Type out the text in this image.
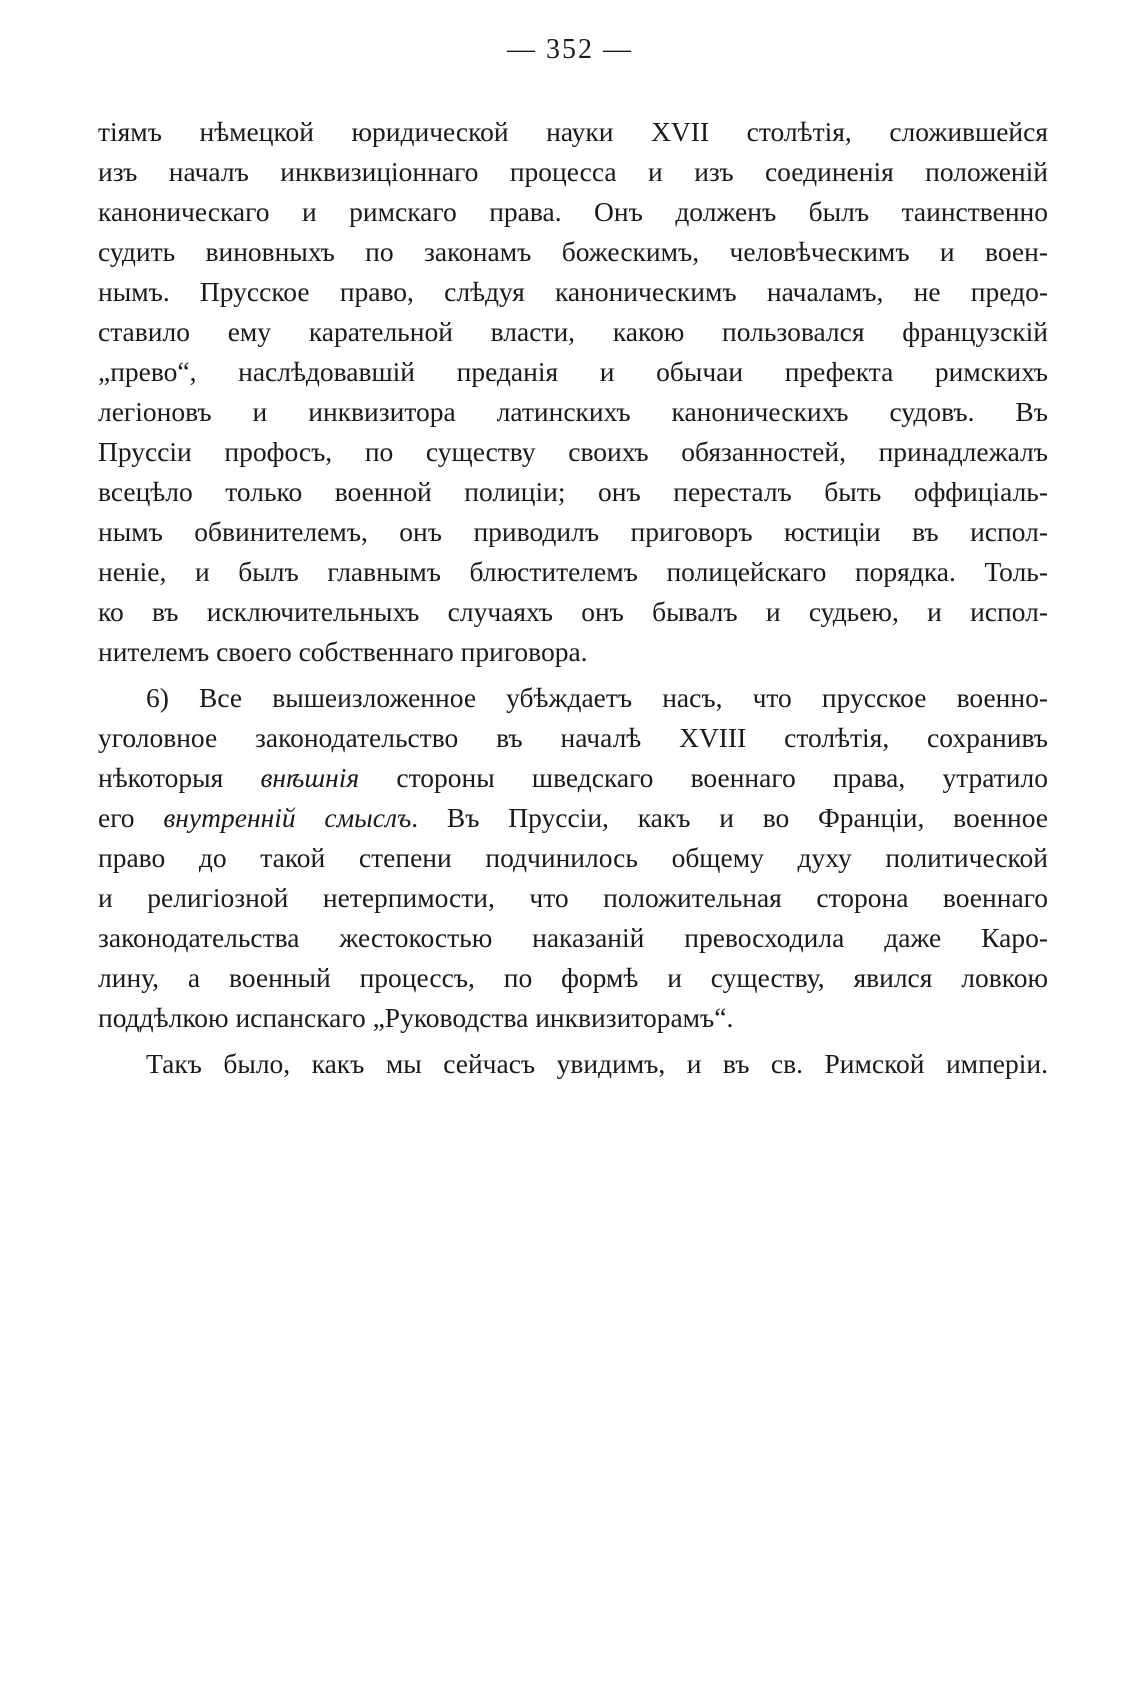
— 352 —
тіямъ нѣмецкой юридической науки XVII столѣтія, сложившейся
изъ началъ инквизиціоннаго процесса и изъ соединенія положеній
каноническаго и римскаго права. Онъ долженъ былъ таинственно
судить виновныхъ по законамъ божескимъ, человѣческимъ и воен-
нымъ. Прусское право, слѣдуя каноническимъ началамъ, не предо-
ставило ему карательной власти, какою пользовался французскій
„прево“, наслѣдовавшій преданія и обычаи префекта римскихъ
легіоновъ и инквизитора латинскихъ каноническихъ судовъ. Въ
Пруссіи профосъ, по существу своихъ обязанностей, принадлежалъ
всецѣло только военной полиціи; онъ пересталъ быть оффиціаль-
нымъ обвинителемъ, онъ приводилъ приговоръ юстиціи въ испол-
неніе, и былъ главнымъ блюстителемъ полицейскаго порядка. Толь-
ко въ исключительныхъ случаяхъ онъ бывалъ и судьею, и испол-
нителемъ своего собственнаго приговора.
6) Все вышеизложенное убѣждаетъ насъ, что прусское военно-
уголовное законодательство въ началѣ XVIII столѣтія, сохранивъ
нѣкоторыя внѣшнія стороны шведскаго военнаго права, утратило
его внутренній смыслъ. Въ Пруссіи, какъ и во Франціи, военное
право до такой степени подчинилось общему духу политической
и религіозной нетерпимости, что положительная сторона военнаго
законодательства жестокостью наказаній превосходила даже Каро-
лину, а военный процессъ, по формѣ и существу, явился ловкою
поддѣлкою испанскаго „Руководства инквизиторамъ“.
Такъ было, какъ мы сейчасъ увидимъ, и въ св. Римской имперіи.
